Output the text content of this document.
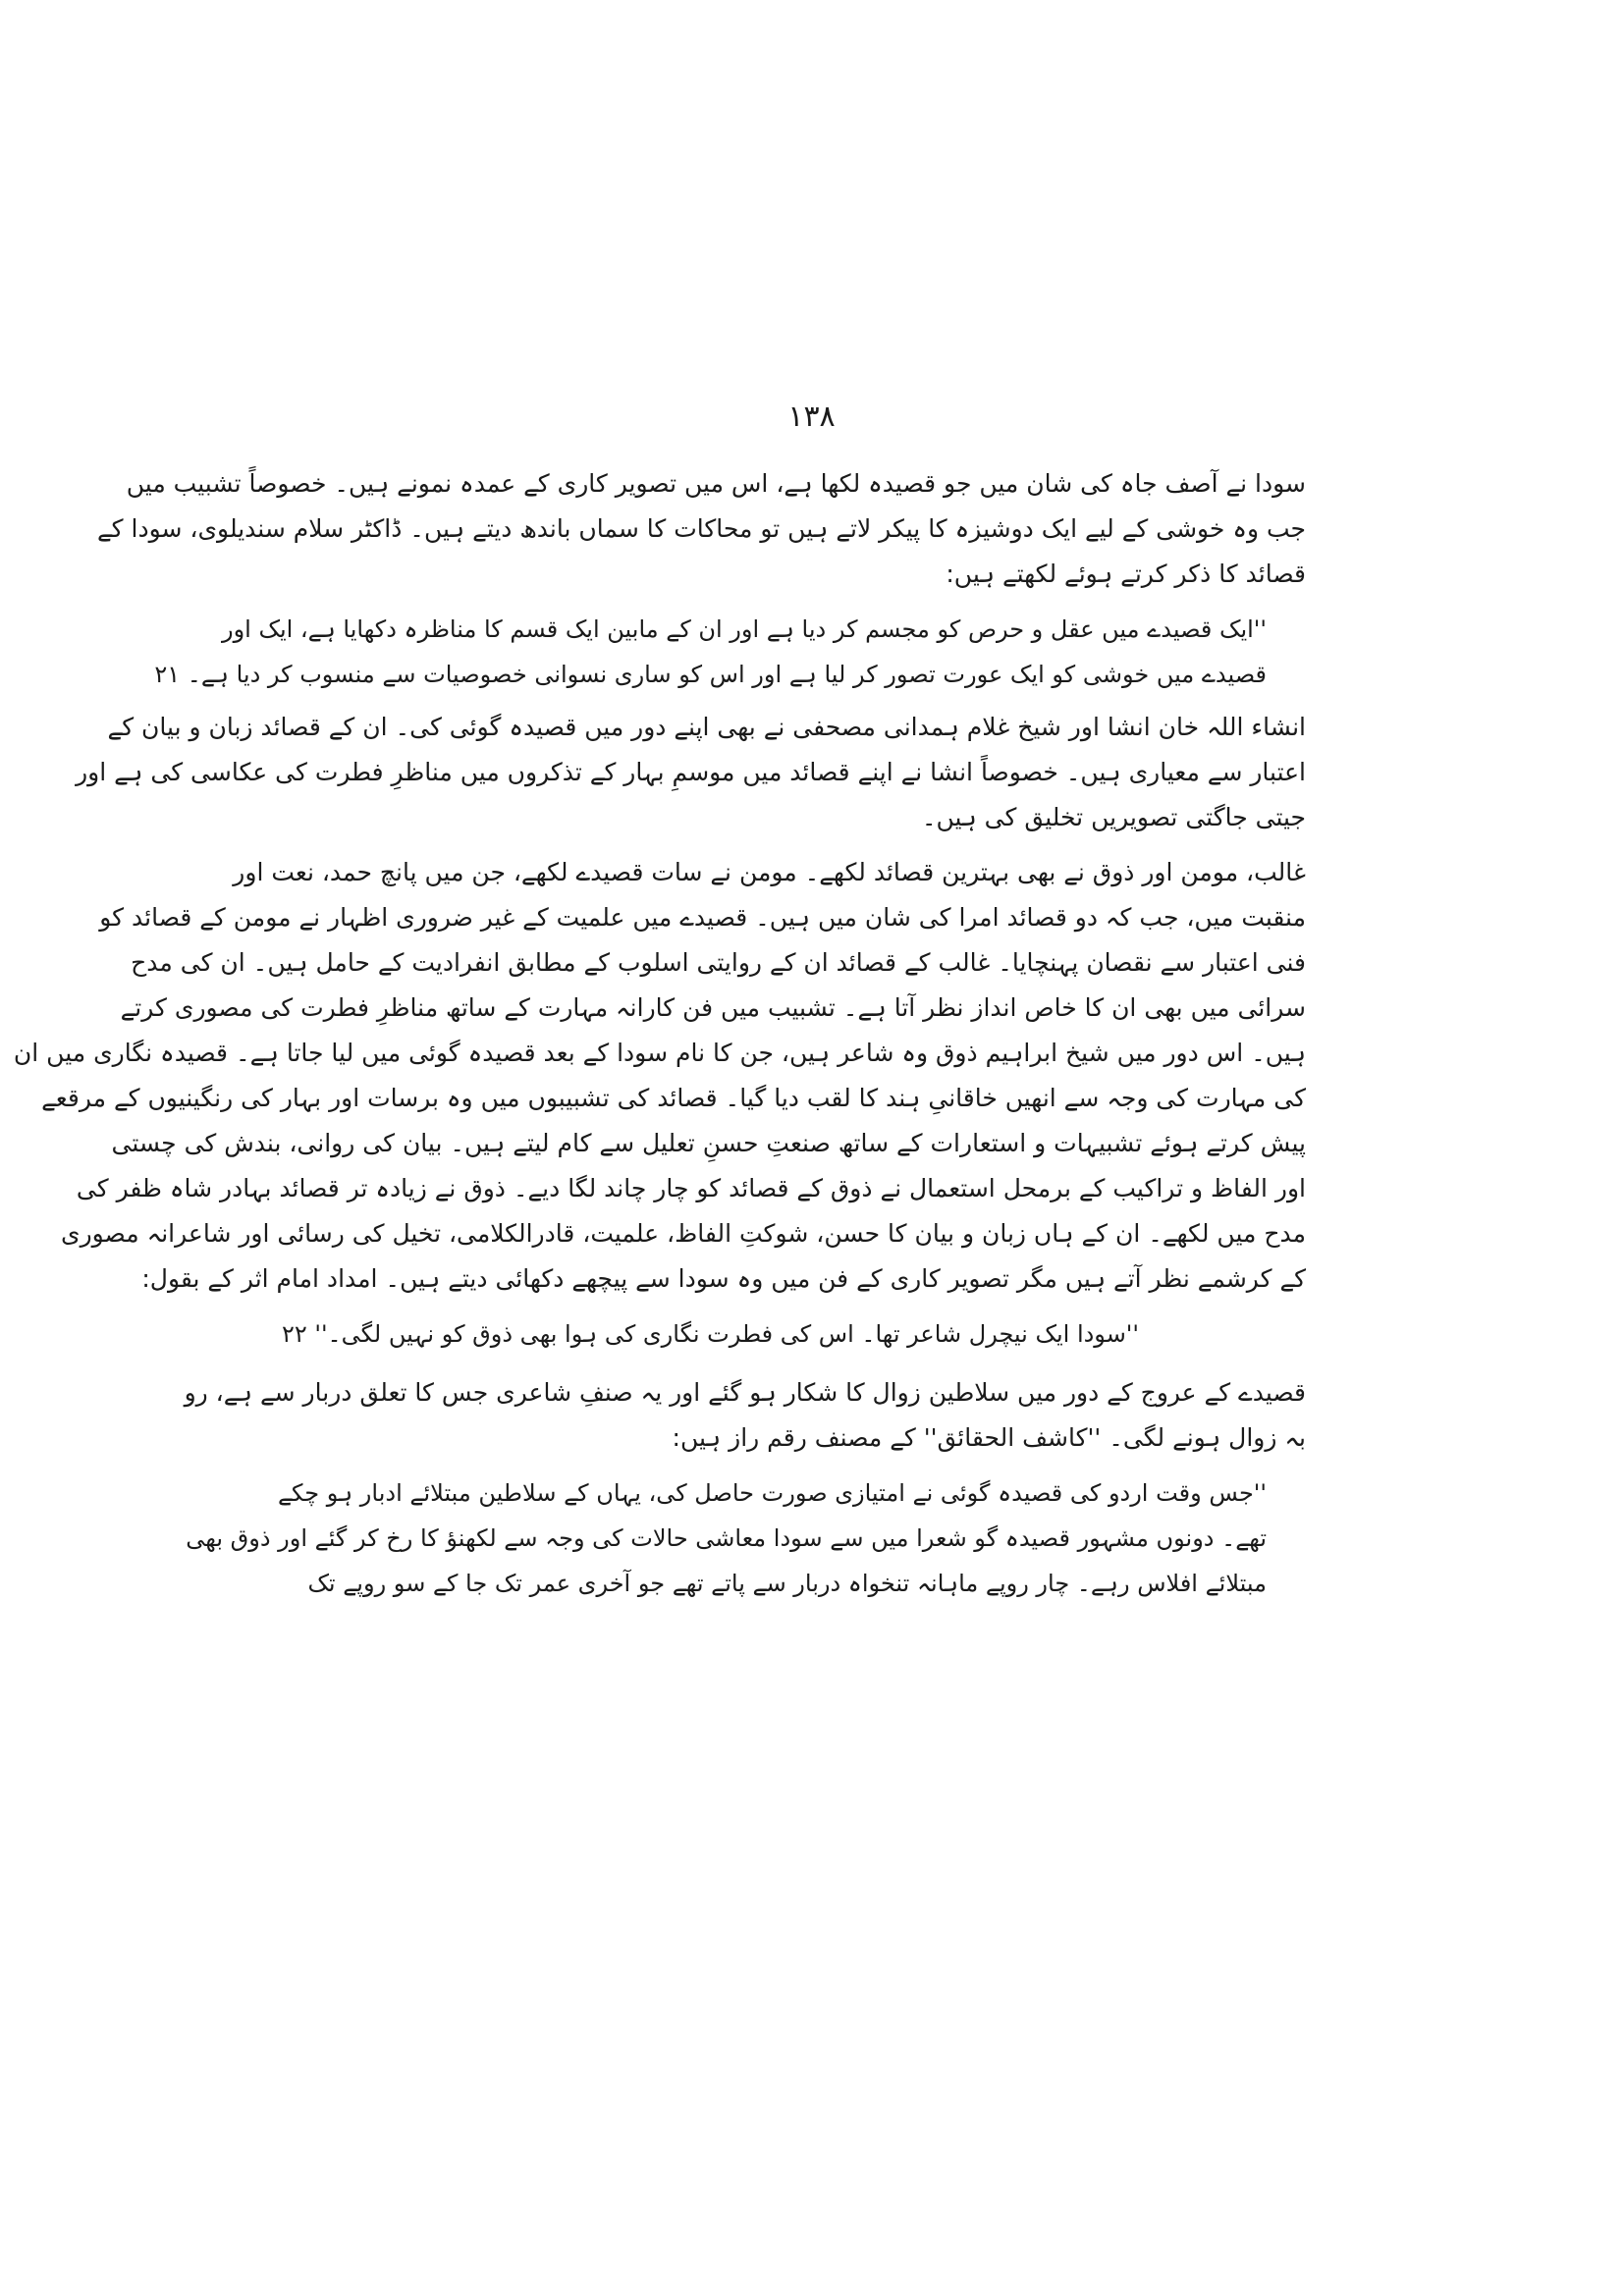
۱۳۸
سودا نے آصف جاہ کی شان میں جو قصیدہ لکھا ہے، اس میں تصویر کاری کے عمدہ نمونے ہیں۔ خصوصاً تشبیب میں
جب وہ خوشی کے لیے ایک دوشیزہ کا پیکر لاتے ہیں تو محاکات کا سماں باندھ دیتے ہیں۔ ڈاکٹر سلام سندیلوی، سودا کے
قصائد کا ذکر کرتے ہوئے لکھتے ہیں:
''ایک قصیدے میں عقل و حرص کو مجسم کر دیا ہے اور ان کے مابین ایک قسم کا مناظرہ دکھایا ہے، ایک اور
قصیدے میں خوشی کو ایک عورت تصور کر لیا ہے اور اس کو ساری نسوانی خصوصیات سے منسوب کر دیا ہے۔ ۲۱
انشاء اللہ خان انشا اور شیخ غلام ہمدانی مصحفی نے بھی اپنے دور میں قصیدہ گوئی کی۔ ان کے قصائد زبان و بیان کے
اعتبار سے معیاری ہیں۔ خصوصاً انشا نے اپنے قصائد میں موسمِ بہار کے تذکروں میں مناظرِ فطرت کی عکاسی کی ہے اور
جیتی جاگتی تصویریں تخلیق کی ہیں۔
غالب، مومن اور ذوق نے بھی بہترین قصائد لکھے۔ مومن نے سات قصیدے لکھے، جن میں پانچ حمد، نعت اور
منقبت میں، جب کہ دو قصائد امرا کی شان میں ہیں۔ قصیدے میں علمیت کے غیر ضروری اظہار نے مومن کے قصائد کو
فنی اعتبار سے نقصان پہنچایا۔ غالب کے قصائد ان کے روایتی اسلوب کے مطابق انفرادیت کے حامل ہیں۔ ان کی مدح
سرائی میں بھی ان کا خاص انداز نظر آتا ہے۔ تشبیب میں فن کارانہ مہارت کے ساتھ مناظرِ فطرت کی مصوری کرتے
ہیں۔ اس دور میں شیخ ابراہیم ذوق وہ شاعر ہیں، جن کا نام سودا کے بعد قصیدہ گوئی میں لیا جاتا ہے۔ قصیدہ نگاری میں ان
کی مہارت کی وجہ سے انھیں خاقانیِ ہند کا لقب دیا گیا۔ قصائد کی تشبیبوں میں وہ برسات اور بہار کی رنگینیوں کے مرقعے
پیش کرتے ہوئے تشبیہات و استعارات کے ساتھ صنعتِ حسنِ تعلیل سے کام لیتے ہیں۔ بیان کی روانی، بندش کی چستی
اور الفاظ و تراکیب کے برمحل استعمال نے ذوق کے قصائد کو چار چاند لگا دیے۔ ذوق نے زیادہ تر قصائد بہادر شاہ ظفر کی
مدح میں لکھے۔ ان کے ہاں زبان و بیان کا حسن، شوکتِ الفاظ، علمیت، قادرالکلامی، تخیل کی رسائی اور شاعرانہ مصوری
کے کرشمے نظر آتے ہیں مگر تصویر کاری کے فن میں وہ سودا سے پیچھے دکھائی دیتے ہیں۔ امداد امام اثر کے بقول:
''سودا ایک نیچرل شاعر تھا۔ اس کی فطرت نگاری کی ہوا بھی ذوق کو نہیں لگی۔'' ۲۲
قصیدے کے عروج کے دور میں سلاطین زوال کا شکار ہو گئے اور یہ صنفِ شاعری جس کا تعلق دربار سے ہے، رو
بہ زوال ہونے لگی۔ ''کاشف الحقائق'' کے مصنف رقم راز ہیں:
''جس وقت اردو کی قصیدہ گوئی نے امتیازی صورت حاصل کی، یہاں کے سلاطین مبتلائے ادبار ہو چکے
تھے۔ دونوں مشہور قصیدہ گو شعرا میں سے سودا معاشی حالات کی وجہ سے لکھنؤ کا رخ کر گئے اور ذوق بھی
مبتلائے افلاس رہے۔ چار روپے ماہانہ تنخواہ دربار سے پاتے تھے جو آخری عمر تک جا کے سو روپے تک
